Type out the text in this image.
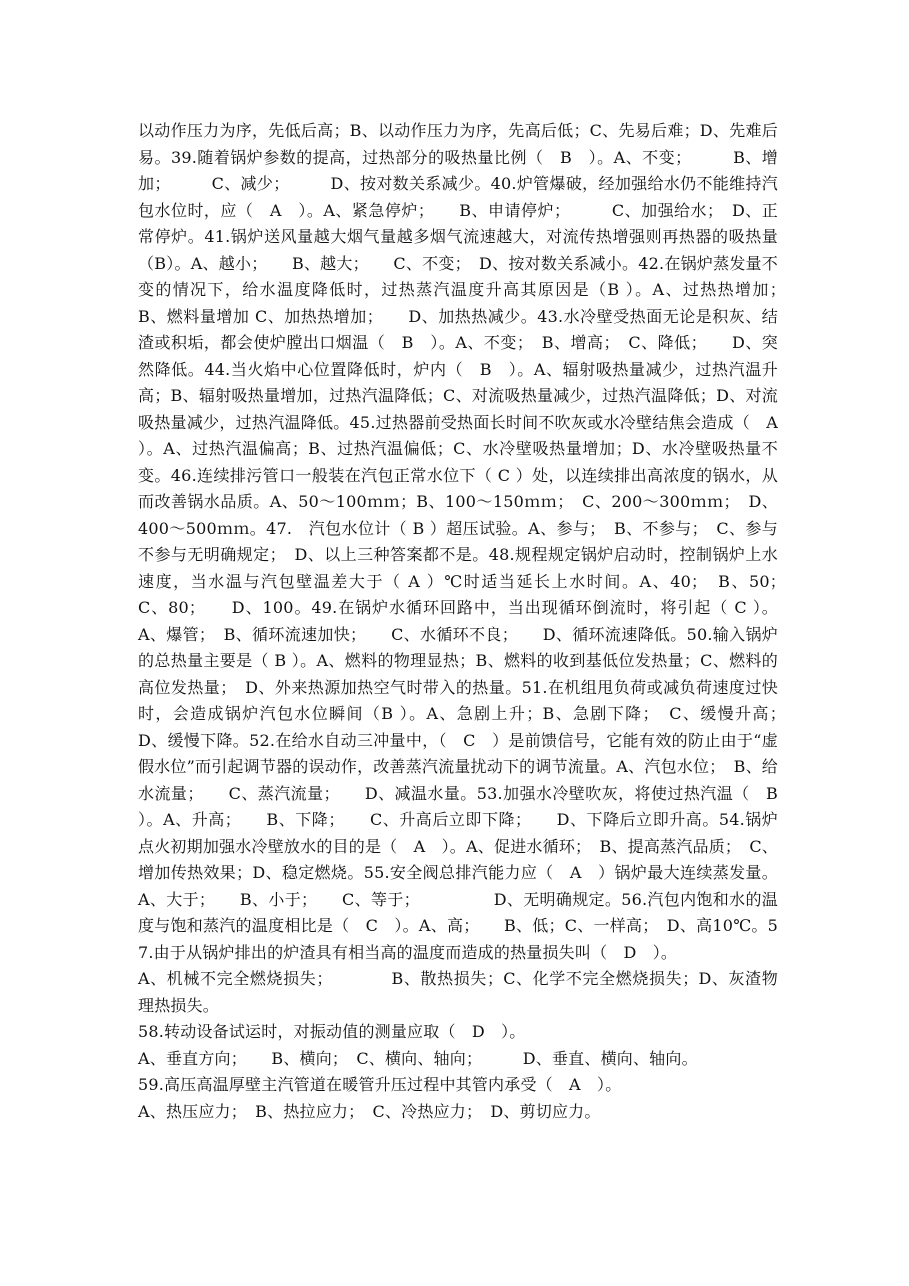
以动作压力为序，先低后高；B、以动作压力为序，先高后低；C、先易后难；D、先难后易。39.随着锅炉参数的提高，过热部分的吸热量比例（　B　）。A、不变；　　　B、增加；　　　C、减少；　　　D、按对数关系减少。40.炉管爆破，经加强给水仍不能维持汽包水位时，应（　A　）。A、紧急停炉；　　B、申请停炉；　　　C、加强给水；　D、正常停炉。41.锅炉送风量越大烟气量越多烟气流速越大，对流传热增强则再热器的吸热量（B）。A、越小；　　B、越大；　　C、不变；　D、按对数关系减小。42.在锅炉蒸发量不变的情况下，给水温度降低时，过热蒸汽温度升高其原因是（B ）。A、过热热增加；　B、燃料量增加 C、加热热增加；　　D、加热热减少。43.水冷壁受热面无论是积灰、结渣或积垢，都会使炉膛出口烟温（　B　）。A、不变；　B、增高；　C、降低；　　D、突然降低。44.当火焰中心位置降低时，炉内（　B　）。A、辐射吸热量减少，过热汽温升高；B、辐射吸热量增加，过热汽温降低；C、对流吸热量减少，过热汽温降低；D、对流吸热量减少，过热汽温降低。45.过热器前受热面长时间不吹灰或水冷壁结焦会造成（　A　）。A、过热汽温偏高；B、过热汽温偏低；C、水冷壁吸热量增加；D、水冷壁吸热量不变。46.连续排污管口一般装在汽包正常水位下（ C ）处，以连续排出高浓度的锅水，从而改善锅水品质。A、50～100ｍｍ；B、100～150ｍｍ；　C、200～300ｍｍ；　D、400～500ｍｍ。47.　汽包水位计（ B ）超压试验。A、参与；　B、不参与；　C、参与不参与无明确规定；　D、以上三种答案都不是。48.规程规定锅炉启动时，控制锅炉上水速度，当水温与汽包壁温差大于（ A ）℃时适当延长上水时间。A、40；　B、50；　　C、80；　　D、100。49.在锅炉水循环回路中，当出现循环倒流时，将引起（ C ）。A、爆管；　B、循环流速加快；　　C、水循环不良；　　D、循环流速降低。50.输入锅炉的总热量主要是（ B ）。A、燃料的物理显热；B、燃料的收到基低位发热量；C、燃料的高位发热量；　D、外来热源加热空气时带入的热量。51.在机组甩负荷或减负荷速度过快时，会造成锅炉汽包水位瞬间（B ）。A、急剧上升；B、急剧下降；　C、缓慢升高；　　D、缓慢下降。52.在给水自动三冲量中，（　C　）是前馈信号，它能有效的防止由于“虚假水位”而引起调节器的误动作，改善蒸汽流量扰动下的调节流量。A、汽包水位；　B、给水流量；　　C、蒸汽流量；　　D、减温水量。53.加强水冷壁吹灰，将使过热汽温（　B　）。A、升高；　　B、下降；　　C、升高后立即下降；　　D、下降后立即升高。54.锅炉点火初期加强水冷壁放水的目的是（　A　）。A、促进水循环；　B、提高蒸汽品质；　C、增加传热效果；D、稳定燃烧。55.安全阀总排汽能力应（　A　）锅炉最大连续蒸发量。A、大于；　　B、小于；　　C、等于；　　　　　D、无明确规定。56.汽包内饱和水的温度与饱和蒸汽的温度相比是（　C　）。A、高；　　B、低；C、一样高；　D、高10℃。57.由于从锅炉排出的炉渣具有相当高的温度而造成的热量损失叫（　D　）。

A、机械不完全燃烧损失；　　　　B、散热损失；C、化学不完全燃烧损失；D、灰渣物理热损失。

58.转动设备试运时，对振动值的测量应取（　D　）。

A、垂直方向；　　B、横向；　C、横向、轴向；　　　D、垂直、横向、轴向。

59.高压高温厚壁主汽管道在暖管升压过程中其管内承受（　A　）。

A、热压应力；　B、热拉应力；　C、冷热应力；　D、剪切应力。
